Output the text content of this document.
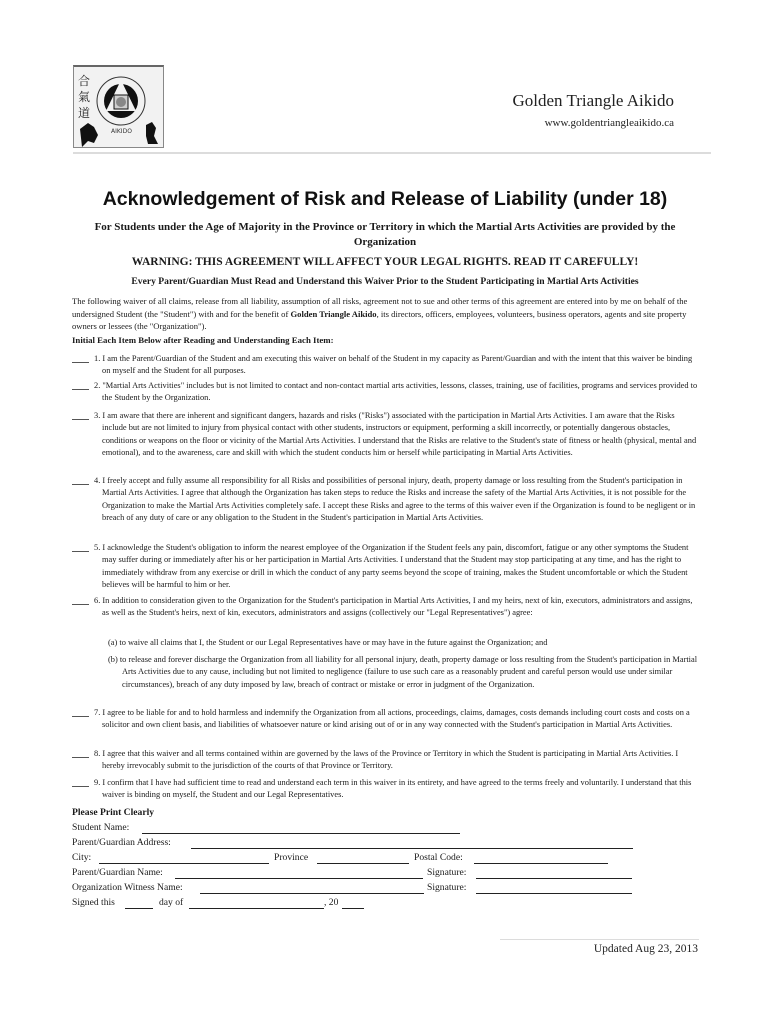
合
氣
道
AIKIDO
Golden Triangle Aikido
www.goldentriangleaikido.ca
Acknowledgement of Risk and Release of Liability (under 18)
For Students under the Age of Majority in the Province or Territory in which the Martial Arts Activities are provided by the Organization
WARNING: THIS AGREEMENT WILL AFFECT YOUR LEGAL RIGHTS. READ IT CAREFULLY!
Every Parent/Guardian Must Read and Understand this Waiver Prior to the Student Participating in Martial Arts Activities
The following waiver of all claims, release from all liability, assumption of all risks, agreement not to sue and other terms of this agreement are entered into by me on behalf of the undersigned Student (the "Student") with and for the benefit of Golden Triangle Aikido, its directors, officers, employees, volunteers, business operators, agents and site property owners or lessees (the "Organization").
Initial Each Item Below after Reading and Understanding Each Item:
1. I am the Parent/Guardian of the Student and am executing this waiver on behalf of the Student in my capacity as Parent/Guardian and with the intent that this waiver be binding on myself and the Student for all purposes.
2. "Martial Arts Activities" includes but is not limited to contact and non-contact martial arts activities, lessons, classes, training, use of facilities, programs and services provided to the Student by the Organization.
3. I am aware that there are inherent and significant dangers, hazards and risks ("Risks") associated with the participation in Martial Arts Activities. I am aware that the Risks include but are not limited to injury from physical contact with other students, instructors or equipment, performing a skill incorrectly, or potentially dangerous obstacles, conditions or weapons on the floor or vicinity of the Martial Arts Activities. I understand that the Risks are relative to the Student's state of fitness or health (physical, mental and emotional), and to the awareness, care and skill with which the student conducts him or herself while participating in Martial Arts Activities.
4. I freely accept and fully assume all responsibility for all Risks and possibilities of personal injury, death, property damage or loss resulting from the Student's participation in Martial Arts Activities. I agree that although the Organization has taken steps to reduce the Risks and increase the safety of the Martial Arts Activities, it is not possible for the Organization to make the Martial Arts Activities completely safe. I accept these Risks and agree to the terms of this waiver even if the Organization is found to be negligent or in breach of any duty of care or any obligation to the Student in the Student's participation in Martial Arts Activities.
5. I acknowledge the Student's obligation to inform the nearest employee of the Organization if the Student feels any pain, discomfort, fatigue or any other symptoms the Student may suffer during or immediately after his or her participation in Martial Arts Activities. I understand that the Student may stop participating at any time, and has the right to immediately withdraw from any exercise or drill in which the conduct of any party seems beyond the scope of training, makes the Student uncomfortable or which the Student believes will be harmful to him or her.
6. In addition to consideration given to the Organization for the Student's participation in Martial Arts Activities, I and my heirs, next of kin, executors, administrators and assigns, as well as the Student's heirs, next of kin, executors, administrators and assigns (collectively our "Legal Representatives") agree:
(a) to waive all claims that I, the Student or our Legal Representatives have or may have in the future against the Organization; and
(b) to release and forever discharge the Organization from all liability for all personal injury, death, property damage or loss resulting from the Student's participation in Martial Arts Activities due to any cause, including but not limited to negligence (failure to use such care as a reasonably prudent and careful person would use under similar circumstances), breach of any duty imposed by law, breach of contract or mistake or error in judgment of the Organization.
7. I agree to be liable for and to hold harmless and indemnify the Organization from all actions, proceedings, claims, damages, costs demands including court costs and costs on a solicitor and own client basis, and liabilities of whatsoever nature or kind arising out of or in any way connected with the Student's participation in Martial Arts Activities.
8. I agree that this waiver and all terms contained within are governed by the laws of the Province or Territory in which the Student is participating in Martial Arts Activities. I hereby irrevocably submit to the jurisdiction of the courts of that Province or Territory.
9. I confirm that I have had sufficient time to read and understand each term in this waiver in its entirety, and have agreed to the terms freely and voluntarily. I understand that this waiver is binding on myself, the Student and our Legal Representatives.
Please Print Clearly
Student Name:
Parent/Guardian Address:
City:	Province	Postal Code:
Parent/Guardian Name:	Signature:
Organization Witness Name:	Signature:
Signed this	day of	, 20
Updated Aug 23, 2013
